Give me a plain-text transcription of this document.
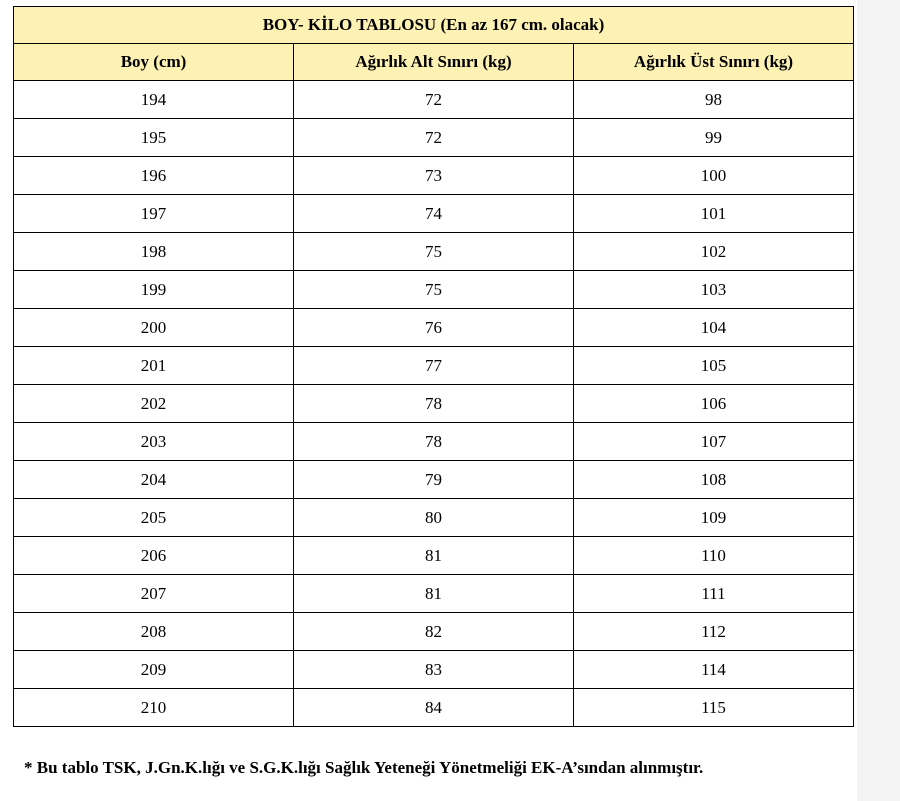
BOY- KİLO TABLOSU (En az 167 cm. olacak)		
Boy (cm)	Ağırlık Alt Sınırı (kg)	Ağırlık Üst Sınırı (kg)
194	72	98
195	72	99
196	73	100
197	74	101
198	75	102
199	75	103
200	76	104
201	77	105
202	78	106
203	78	107
204	79	108
205	80	109
206	81	110
207	81	111
208	82	112
209	83	114
210	84	115
* Bu tablo TSK, J.Gn.K.lığı ve S.G.K.lığı Sağlık Yeteneği Yönetmeliği EK-A’sından alınmıştır.
